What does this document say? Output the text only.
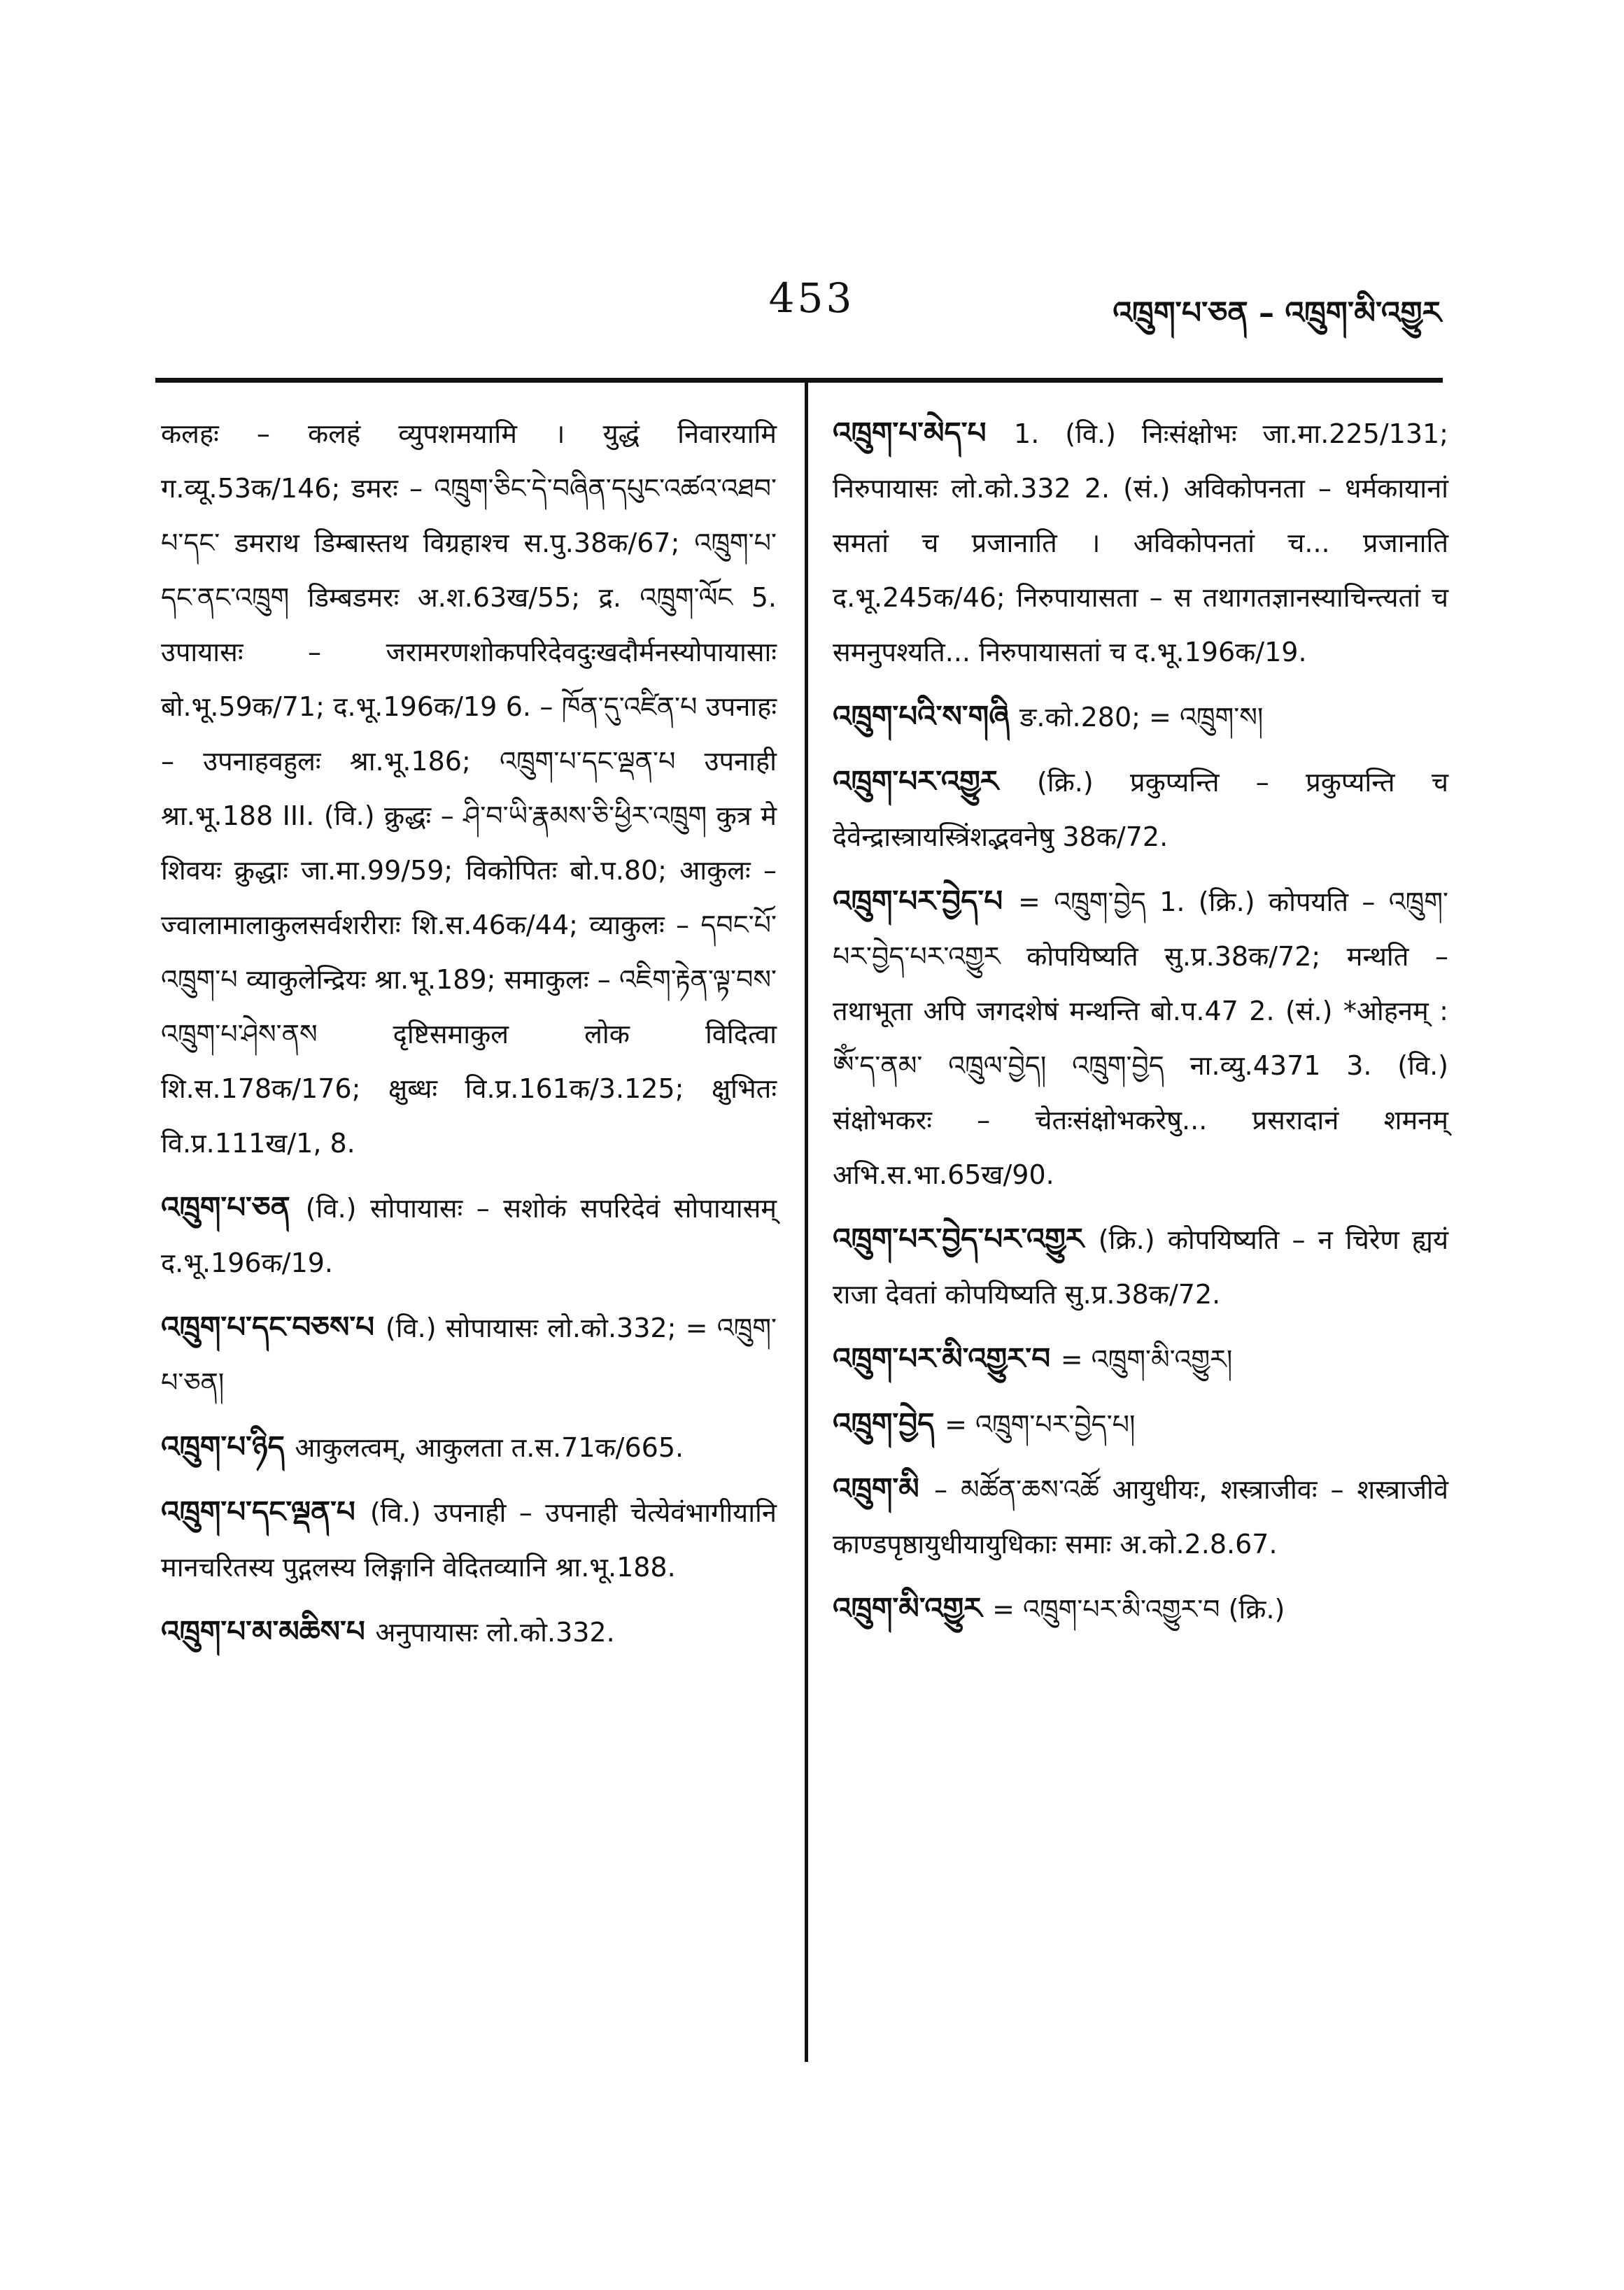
453	འཁྲུག་པ་ཅན – འཁྲུག་མི་འགྱུར
कलहः – कलहं व्युपशमयामि । युद्धं निवारयामि ग.व्यू.53क/146; डमरः – འཁྲུག་ཅིང་དེ་བཞིན་དཔུང་འཚའ་འཐབ་པ་དང་ डमराथ डिम्बास्तथ विग्रहाश्च स.पु.38क/67; འཁྲུག་པ་དང་ནང་འཁྲུག डिम्बडमरः अ.श.63ख/55; द्र. འཁྲུག་ལོང 5. उपायासः – जरामरणशोकपरिदेवदुःखदौर्मनस्योपायासाः बो.भू.59क/71; द.भू.196क/19 6. – ཁོན་དུ་འཛིན་པ उपनाहः – उपनाहवहुलः श्रा.भू.186; འཁྲུག་པ་དང་ལྡན་པ उपनाही श्रा.भू.188 III. (वि.) क्रुद्धः – ཤི་བ་ཡི་རྣམས་ཅི་ཕྱིར་འཁྲུག कुत्र मे शिवयः क्रुद्धाः जा.मा.99/59; विकोपितः बो.प.80; आकुलः – ज्वालामालाकुलसर्वशरीराः शि.स.46क/44; व्याकुलः – དབང་པོ་འཁྲུག་པ व्याकुलेन्द्रियः श्रा.भू.189; समाकुलः – འཇིག་རྟེན་ལྟ་བས་འཁྲུག་པ་ཤེས་ནས दृष्टिसमाकुल लोक विदित्वा शि.स.178क/176; क्षुब्धः वि.प्र.161क/3.125; क्षुभितः वि.प्र.111ख/1, 8.
འཁྲུག་པ་ཅན (वि.) सोपायासः – सशोकं सपरिदेवं सोपायासम् द.भू.196क/19.
འཁྲུག་པ་དང་བཅས་པ (वि.) सोपायासः लो.को.332; = འཁྲུག་པ་ཅན།
འཁྲུག་པ་ཉིད आकुलत्वम्, आकुलता त.स.71क/665.
འཁྲུག་པ་དང་ལྡན་པ (वि.) उपनाही – उपनाही चेत्येवंभागीयानि मानचरितस्य पुद्गलस्य लिङ्गानि वेदितव्यानि श्रा.भू.188.
འཁྲུག་པ་མ་མཆིས་པ अनुपायासः लो.को.332.
འཁྲུག་པ་མེད་པ 1. (वि.) निःसंक्षोभः जा.मा.225/131; निरुपायासः लो.को.332 2. (सं.) अविकोपनता – धर्मकायानां समतां च प्रजानाति । अविकोपनतां च... प्रजानाति द.भू.245क/46; निरुपायासता – स तथागतज्ञानस्याचिन्त्यतां च समनुपश्यति... निरुपायासतां च द.भू.196क/19.
འཁྲུག་པའི་ས་གཞི ङ.को.280; = འཁྲུག་ས།
འཁྲུག་པར་འགྱུར (क्रि.) प्रकुप्यन्ति – प्रकुप्यन्ति च देवेन्द्रास्त्रायस्त्रिंशद्भवनेषु 38क/72.
འཁྲུག་པར་བྱེད་པ = འཁྲུག་བྱེད 1. (क्रि.) कोपयति – འཁྲུག་པར་བྱེད་པར་འགྱུར कोपयिष्यति सु.प्र.38क/72; मन्थति – तथाभूता अपि जगदशेषं मन्थन्ति बो.प.47 2. (सं.) *ओहनम् : ཨོཾ་ད་ནམ་ འཁྲུལ་བྱེད། འཁྲུག་བྱེད ना.व्यु.4371 3. (वि.) संक्षोभकरः – चेतःसंक्षोभकरेषु... प्रसरादानं शमनम् अभि.स.भा.65ख/90.
འཁྲུག་པར་བྱེད་པར་འགྱུར (क्रि.) कोपयिष्यति – न चिरेण ह्ययं राजा देवतां कोपयिष्यति सु.प्र.38क/72.
འཁྲུག་པར་མི་འགྱུར་བ = འཁྲུག་མི་འགྱུར།
འཁྲུག་བྱེད = འཁྲུག་པར་བྱེད་པ།
འཁྲུག་མི – མཚོན་ཆས་འཚོ आयुधीयः, शस्त्राजीवः – शस्त्राजीवे काण्डपृष्ठायुधीयायुधिकाः समाः अ.को.2.8.67.
འཁྲུག་མི་འགྱུར = འཁྲུག་པར་མི་འགྱུར་བ (क्रि.)
